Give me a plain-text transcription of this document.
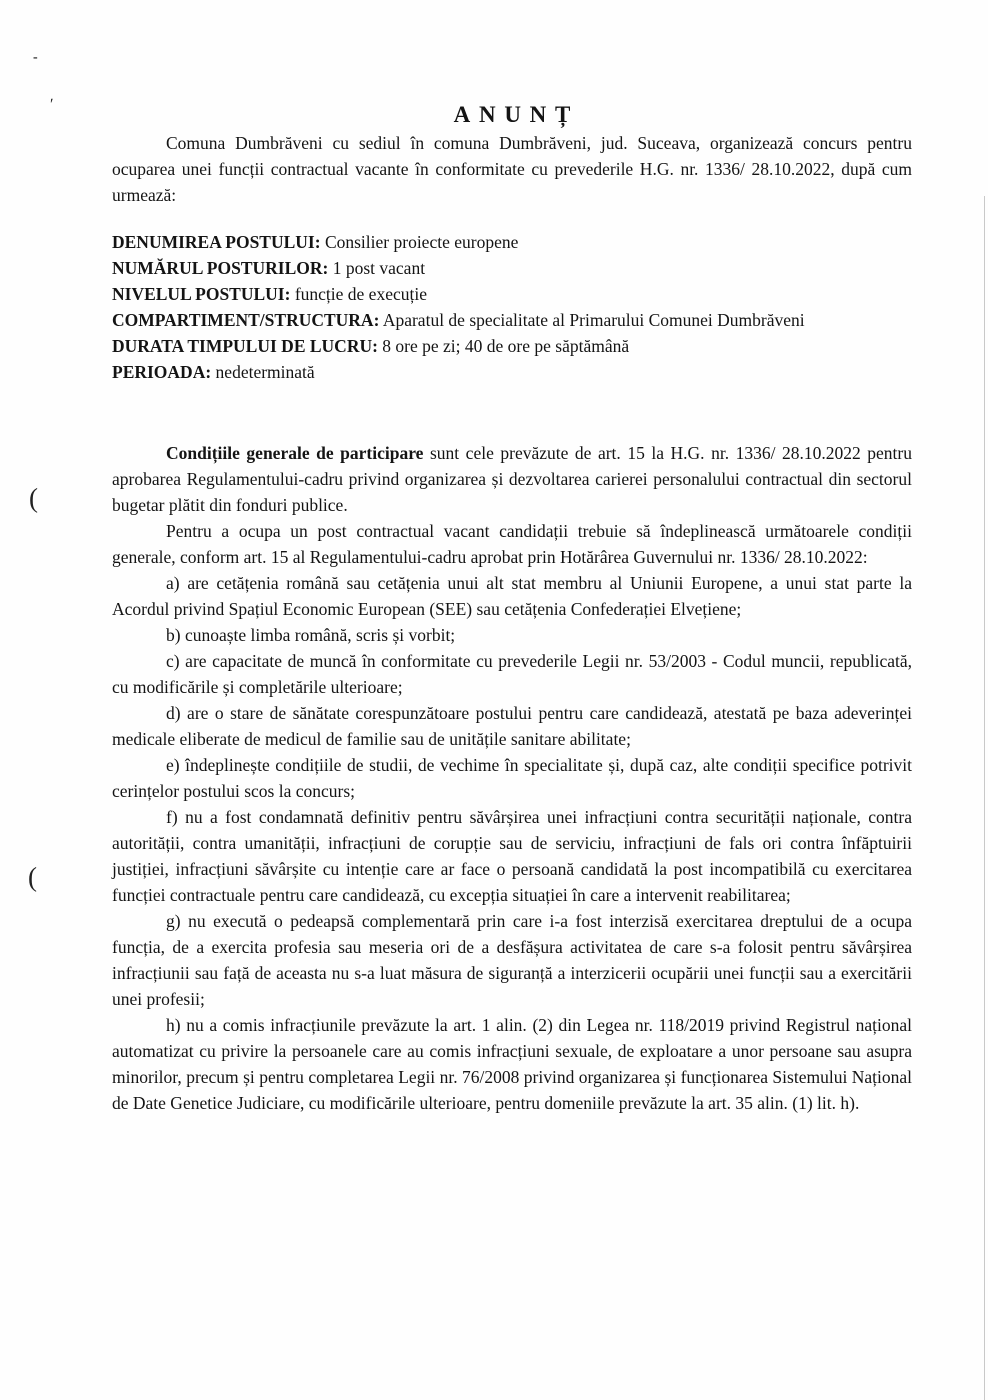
-
ʹ
(
(
ANUNȚ

Comuna Dumbrăveni cu sediul în comuna Dumbrăveni, jud. Suceava, organizează concurs pentru ocuparea unei funcții contractual vacante în conformitate cu prevederile H.G. nr. 1336/ 28.10.2022, după cum urmează:

DENUMIREA POSTULUI: Consilier proiecte europene
NUMĂRUL POSTURILOR: 1 post vacant
NIVELUL POSTULUI: funcție de execuție
COMPARTIMENT/STRUCTURA: Aparatul de specialitate al Primarului Comunei Dumbrăveni
DURATA TIMPULUI DE LUCRU: 8 ore pe zi; 40 de ore pe săptămână
PERIOADA: nedeterminată

Condițiile generale de participare sunt cele prevăzute de art. 15 la H.G. nr. 1336/ 28.10.2022 pentru aprobarea Regulamentului-cadru privind organizarea și dezvoltarea carierei personalului contractual din sectorul bugetar plătit din fonduri publice.

Pentru a ocupa un post contractual vacant candidații trebuie să îndeplinească următoarele condiții generale, conform art. 15 al Regulamentului-cadru aprobat prin Hotărârea Guvernului nr. 1336/ 28.10.2022:

a) are cetățenia română sau cetățenia unui alt stat membru al Uniunii Europene, a unui stat parte la Acordul privind Spațiul Economic European (SEE) sau cetățenia Confederației Elvețiene;

b) cunoaște limba română, scris și vorbit;

c) are capacitate de muncă în conformitate cu prevederile Legii nr. 53/2003 - Codul muncii, republicată, cu modificările și completările ulterioare;

d) are o stare de sănătate corespunzătoare postului pentru care candidează, atestată pe baza adeverinței medicale eliberate de medicul de familie sau de unitățile sanitare abilitate;

e) îndeplinește condițiile de studii, de vechime în specialitate și, după caz, alte condiții specifice potrivit cerințelor postului scos la concurs;

f) nu a fost condamnată definitiv pentru săvârșirea unei infracțiuni contra securității naționale, contra autorității, contra umanității, infracțiuni de corupție sau de serviciu, infracțiuni de fals ori contra înfăptuirii justiției, infracțiuni săvârșite cu intenție care ar face o persoană candidată la post incompatibilă cu exercitarea funcției contractuale pentru care candidează, cu excepția situației în care a intervenit reabilitarea;

g) nu execută o pedeapsă complementară prin care i-a fost interzisă exercitarea dreptului de a ocupa funcția, de a exercita profesia sau meseria ori de a desfășura activitatea de care s-a folosit pentru săvârșirea infracțiunii sau față de aceasta nu s-a luat măsura de siguranță a interzicerii ocupării unei funcții sau a exercitării unei profesii;

h) nu a comis infracțiunile prevăzute la art. 1 alin. (2) din Legea nr. 118/2019 privind Registrul național automatizat cu privire la persoanele care au comis infracțiuni sexuale, de exploatare a unor persoane sau asupra minorilor, precum și pentru completarea Legii nr. 76/2008 privind organizarea și funcționarea Sistemului Național de Date Genetice Judiciare, cu modificările ulterioare, pentru domeniile prevăzute la art. 35 alin. (1) lit. h).
